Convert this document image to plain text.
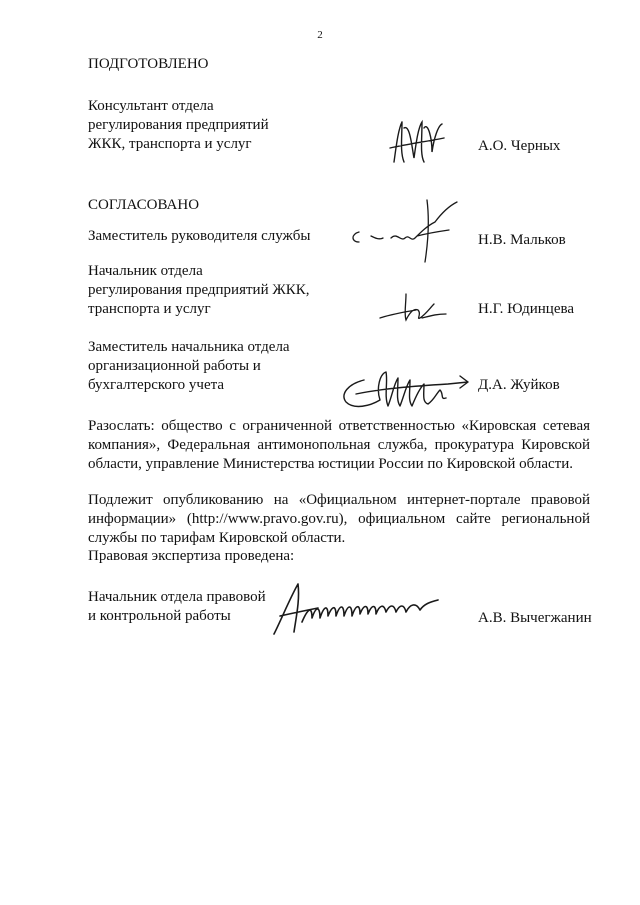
2
ПОДГОТОВЛЕНО
Консультант отдела
регулирования предприятий
ЖКК, транспорта и услуг	А.О. Черных
СОГЛАСОВАНО
Заместитель руководителя службы	Н.В. Мальков
Начальник отдела
регулирования предприятий ЖКК,
транспорта и услуг	Н.Г. Юдинцева
Заместитель начальника отдела
организационной работы и
бухгалтерского учета	Д.А. Жуйков
Разослать: общество с ограниченной ответственностью «Кировская сетевая компания», Федеральная антимонопольная служба, прокуратура Кировской области, управление Министерства юстиции России по Кировской области.
Подлежит опубликованию на «Официальном интернет-портале правовой информации» (http://www.pravo.gov.ru), официальном сайте региональной службы по тарифам Кировской области.
Правовая экспертиза проведена:
Начальник отдела правовой
и контрольной работы	А.В. Вычегжанин
